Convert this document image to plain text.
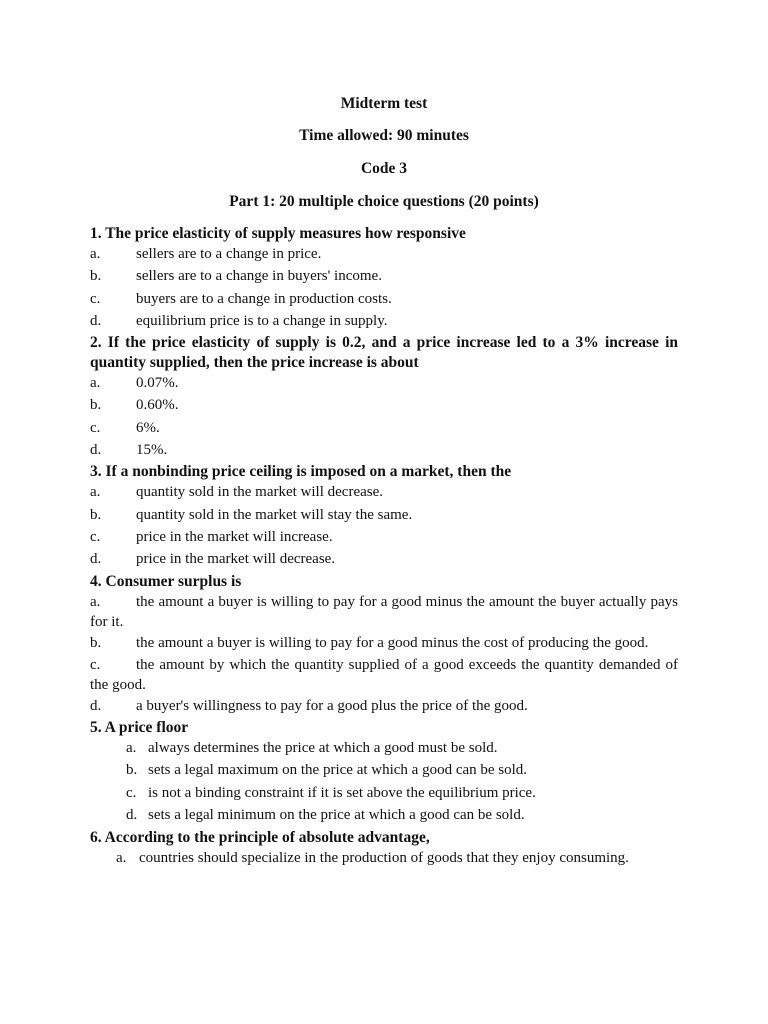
Midterm test
Time allowed: 90 minutes
Code 3
Part 1: 20 multiple choice questions (20 points)

1. The price elasticity of supply measures how responsive

a.	sellers are to a change in price.
b.	sellers are to a change in buyers' income.
c.	buyers are to a change in production costs.
d.	equilibrium price is to a change in supply.

2. If the price elasticity of supply is 0.2, and a price increase led to a 3% increase in quantity supplied, then the price increase is about

a.	0.07%.
b.	0.60%.
c.	6%.
d.	15%.

3. If a nonbinding price ceiling is imposed on a market, then the

a.	quantity sold in the market will decrease.
b.	quantity sold in the market will stay the same.
c.	price in the market will increase.
d.	price in the market will decrease.

4. Consumer surplus is

a. the amount a buyer is willing to pay for a good minus the amount the buyer actually pays for it.
b. the amount a buyer is willing to pay for a good minus the cost of producing the good.
c. the amount by which the quantity supplied of a good exceeds the quantity demanded of the good.
d. a buyer's willingness to pay for a good plus the price of the good.

5. A price floor

a. always determines the price at which a good must be sold.
b. sets a legal maximum on the price at which a good can be sold.
c. is not a binding constraint if it is set above the equilibrium price.
d. sets a legal minimum on the price at which a good can be sold.

6. According to the principle of absolute advantage,

a. countries should specialize in the production of goods that they enjoy consuming.
